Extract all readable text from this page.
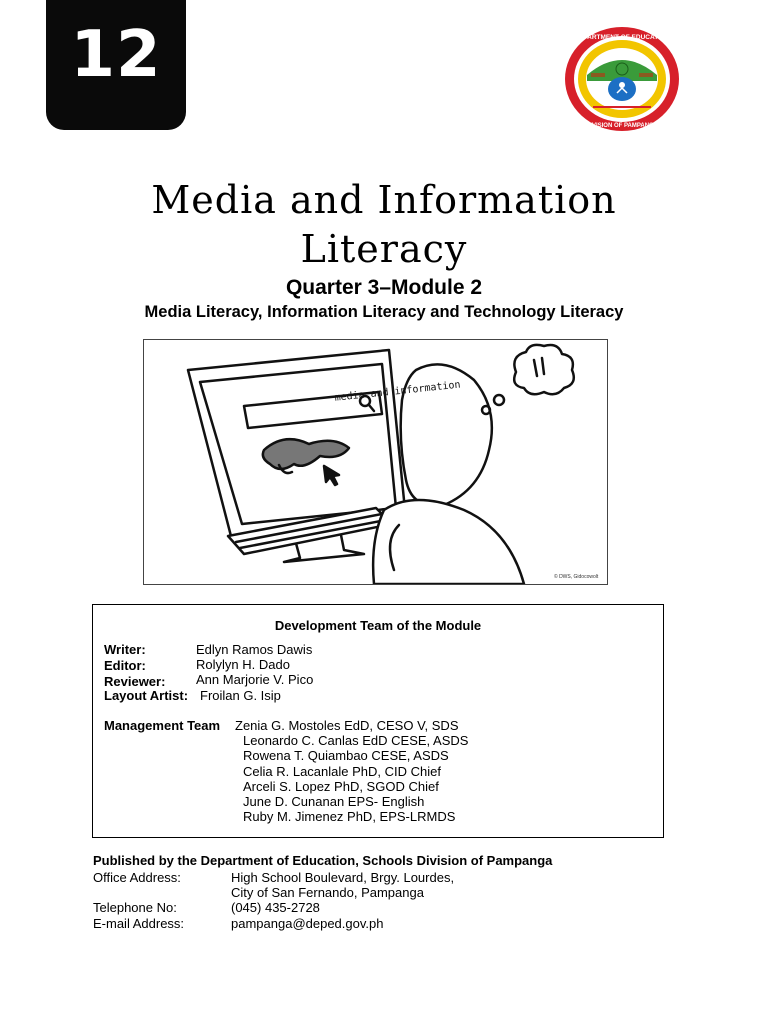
12	DEPARTMENT OF EDUCATION
DIVISION OF PAMPANGA
Media and Information
Literacy
Quarter 3–Module 2
Media Literacy, Information Literacy and Technology Literacy
media and information
© DWS, Gidocowolt
Development Team of the Module
Writer:	Edlyn Ramos Dawis
Editor:	Rolylyn H. Dado
Reviewer: Ann Marjorie V. Pico
Layout Artist: Froilan G. Isip
Management Team Zenia G. Mostoles EdD, CESO V, SDS
Leonardo C. Canlas EdD CESE, ASDS
Rowena T. Quiambao CESE, ASDS
Celia R. Lacanlale PhD, CID Chief
Arceli S. Lopez PhD, SGOD Chief
June D. Cunanan EPS- English
Ruby M. Jimenez PhD, EPS-LRMDS
Published by the Department of Education, Schools Division of Pampanga
Office Address:	High School Boulevard, Brgy. Lourdes,
City of San Fernando, Pampanga
Telephone No:	(045) 435-2728
E-mail Address:	pampanga@deped.gov.ph
